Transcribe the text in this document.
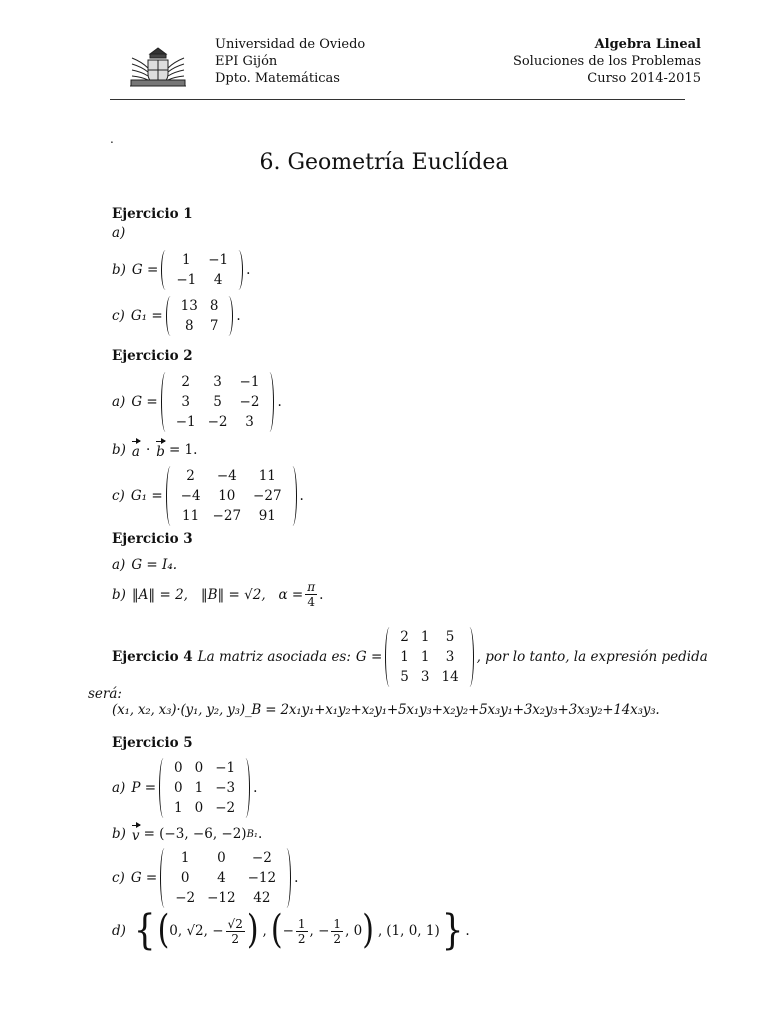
Universidad de Oviedo
EPI Gijón
Dpto. Matemáticas
Algebra Lineal
Soluciones de los Problemas
Curso 2014-2015
.
6. Geometría Euclídea
Ejercicio 1
a)
b) G =
1	−1
−1	4
.
c) G₁ =
13	8
8	7
.
Ejercicio 2
a) G =
2	3	−1
3	5	−2
−1	−2	3
.
b) a · b = 1.
c) G₁ =
2	−4	11
−4	10	−27
11	−27	91
.
Ejercicio 3
a) G = I₄.
b) ‖A‖ = 2,   ‖B‖ = √2,   $\alpha = \frac{\pi}{4}$ .
Ejercicio 4 La matriz asociada es: G =
2	1	5
1	1	3
5	3	14
, por lo tanto, la expresión pedida
será:
(x₁, x₂, x₃)·(y₁, y₂, y₃)_B = 2x₁y₁+x₁y₂+x₂y₁+5x₁y₃+x₂y₂+5x₃y₁+3x₂y₃+3x₃y₂+14x₃y₃.
Ejercicio 5
a) P =
0	0	−1
0	1	−3
1	0	−2
.
b) v = (−3, −6, −2) B₁ .
c) G =
1	0	−2
0	4	−12
−2	−12	42
.
d) { ( 0, √2, − $\frac{√2}{2}$ ) , ( − $\frac{1}{2}$ , − $\frac{1}{2}$ , 0 ) , (1, 0, 1) } .
